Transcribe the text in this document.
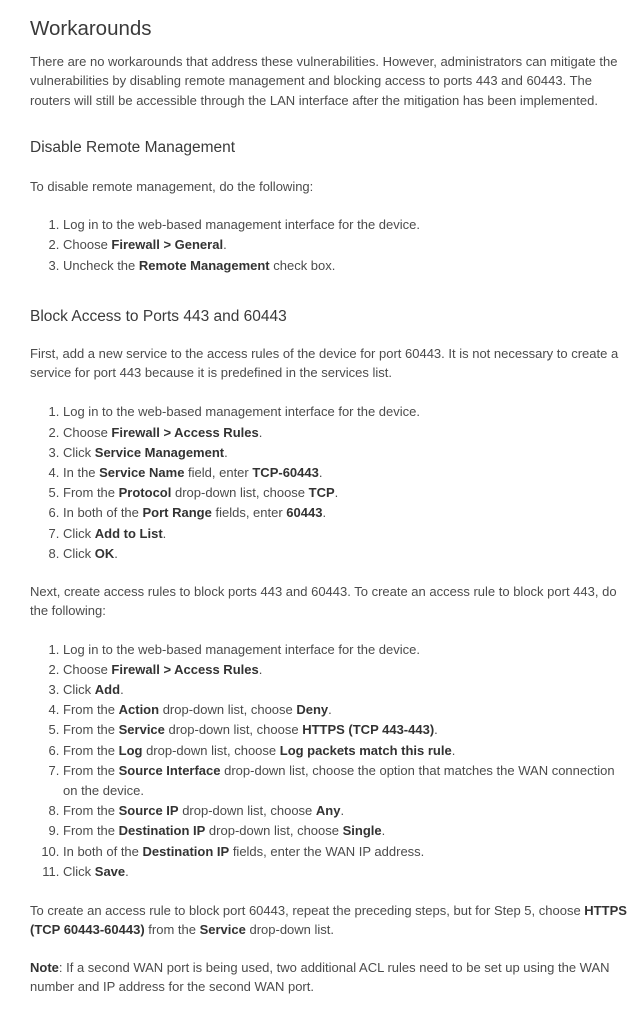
Workarounds

There are no workarounds that address these vulnerabilities. However, administrators can mitigate the vulnerabilities by disabling remote management and blocking access to ports 443 and 60443. The routers will still be accessible through the LAN interface after the mitigation has been implemented.

Disable Remote Management

To disable remote management, do the following:

1. Log in to the web-based management interface for the device.
2. Choose Firewall > General.
3. Uncheck the Remote Management check box.
Block Access to Ports 443 and 60443

First, add a new service to the access rules of the device for port 60443. It is not necessary to create a service for port 443 because it is predefined in the services list.

1. Log in to the web-based management interface for the device.
2. Choose Firewall > Access Rules.
3. Click Service Management.
4. In the Service Name field, enter TCP-60443.
5. From the Protocol drop-down list, choose TCP.
6. In both of the Port Range fields, enter 60443.
7. Click Add to List.
8. Click OK.

Next, create access rules to block ports 443 and 60443. To create an access rule to block port 443, do the following:

1. Log in to the web-based management interface for the device.
2. Choose Firewall > Access Rules.
3. Click Add.
4. From the Action drop-down list, choose Deny.
5. From the Service drop-down list, choose HTTPS (TCP 443-443).
6. From the Log drop-down list, choose Log packets match this rule.
7. From the Source Interface drop-down list, choose the option that matches the WAN connection on the device.
8. From the Source IP drop-down list, choose Any.
9. From the Destination IP drop-down list, choose Single.
10. In both of the Destination IP fields, enter the WAN IP address.
11. Click Save.

To create an access rule to block port 60443, repeat the preceding steps, but for Step 5, choose HTTPS (TCP 60443-60443) from the Service drop-down list.

Note: If a second WAN port is being used, two additional ACL rules need to be set up using the WAN number and IP address for the second WAN port.
